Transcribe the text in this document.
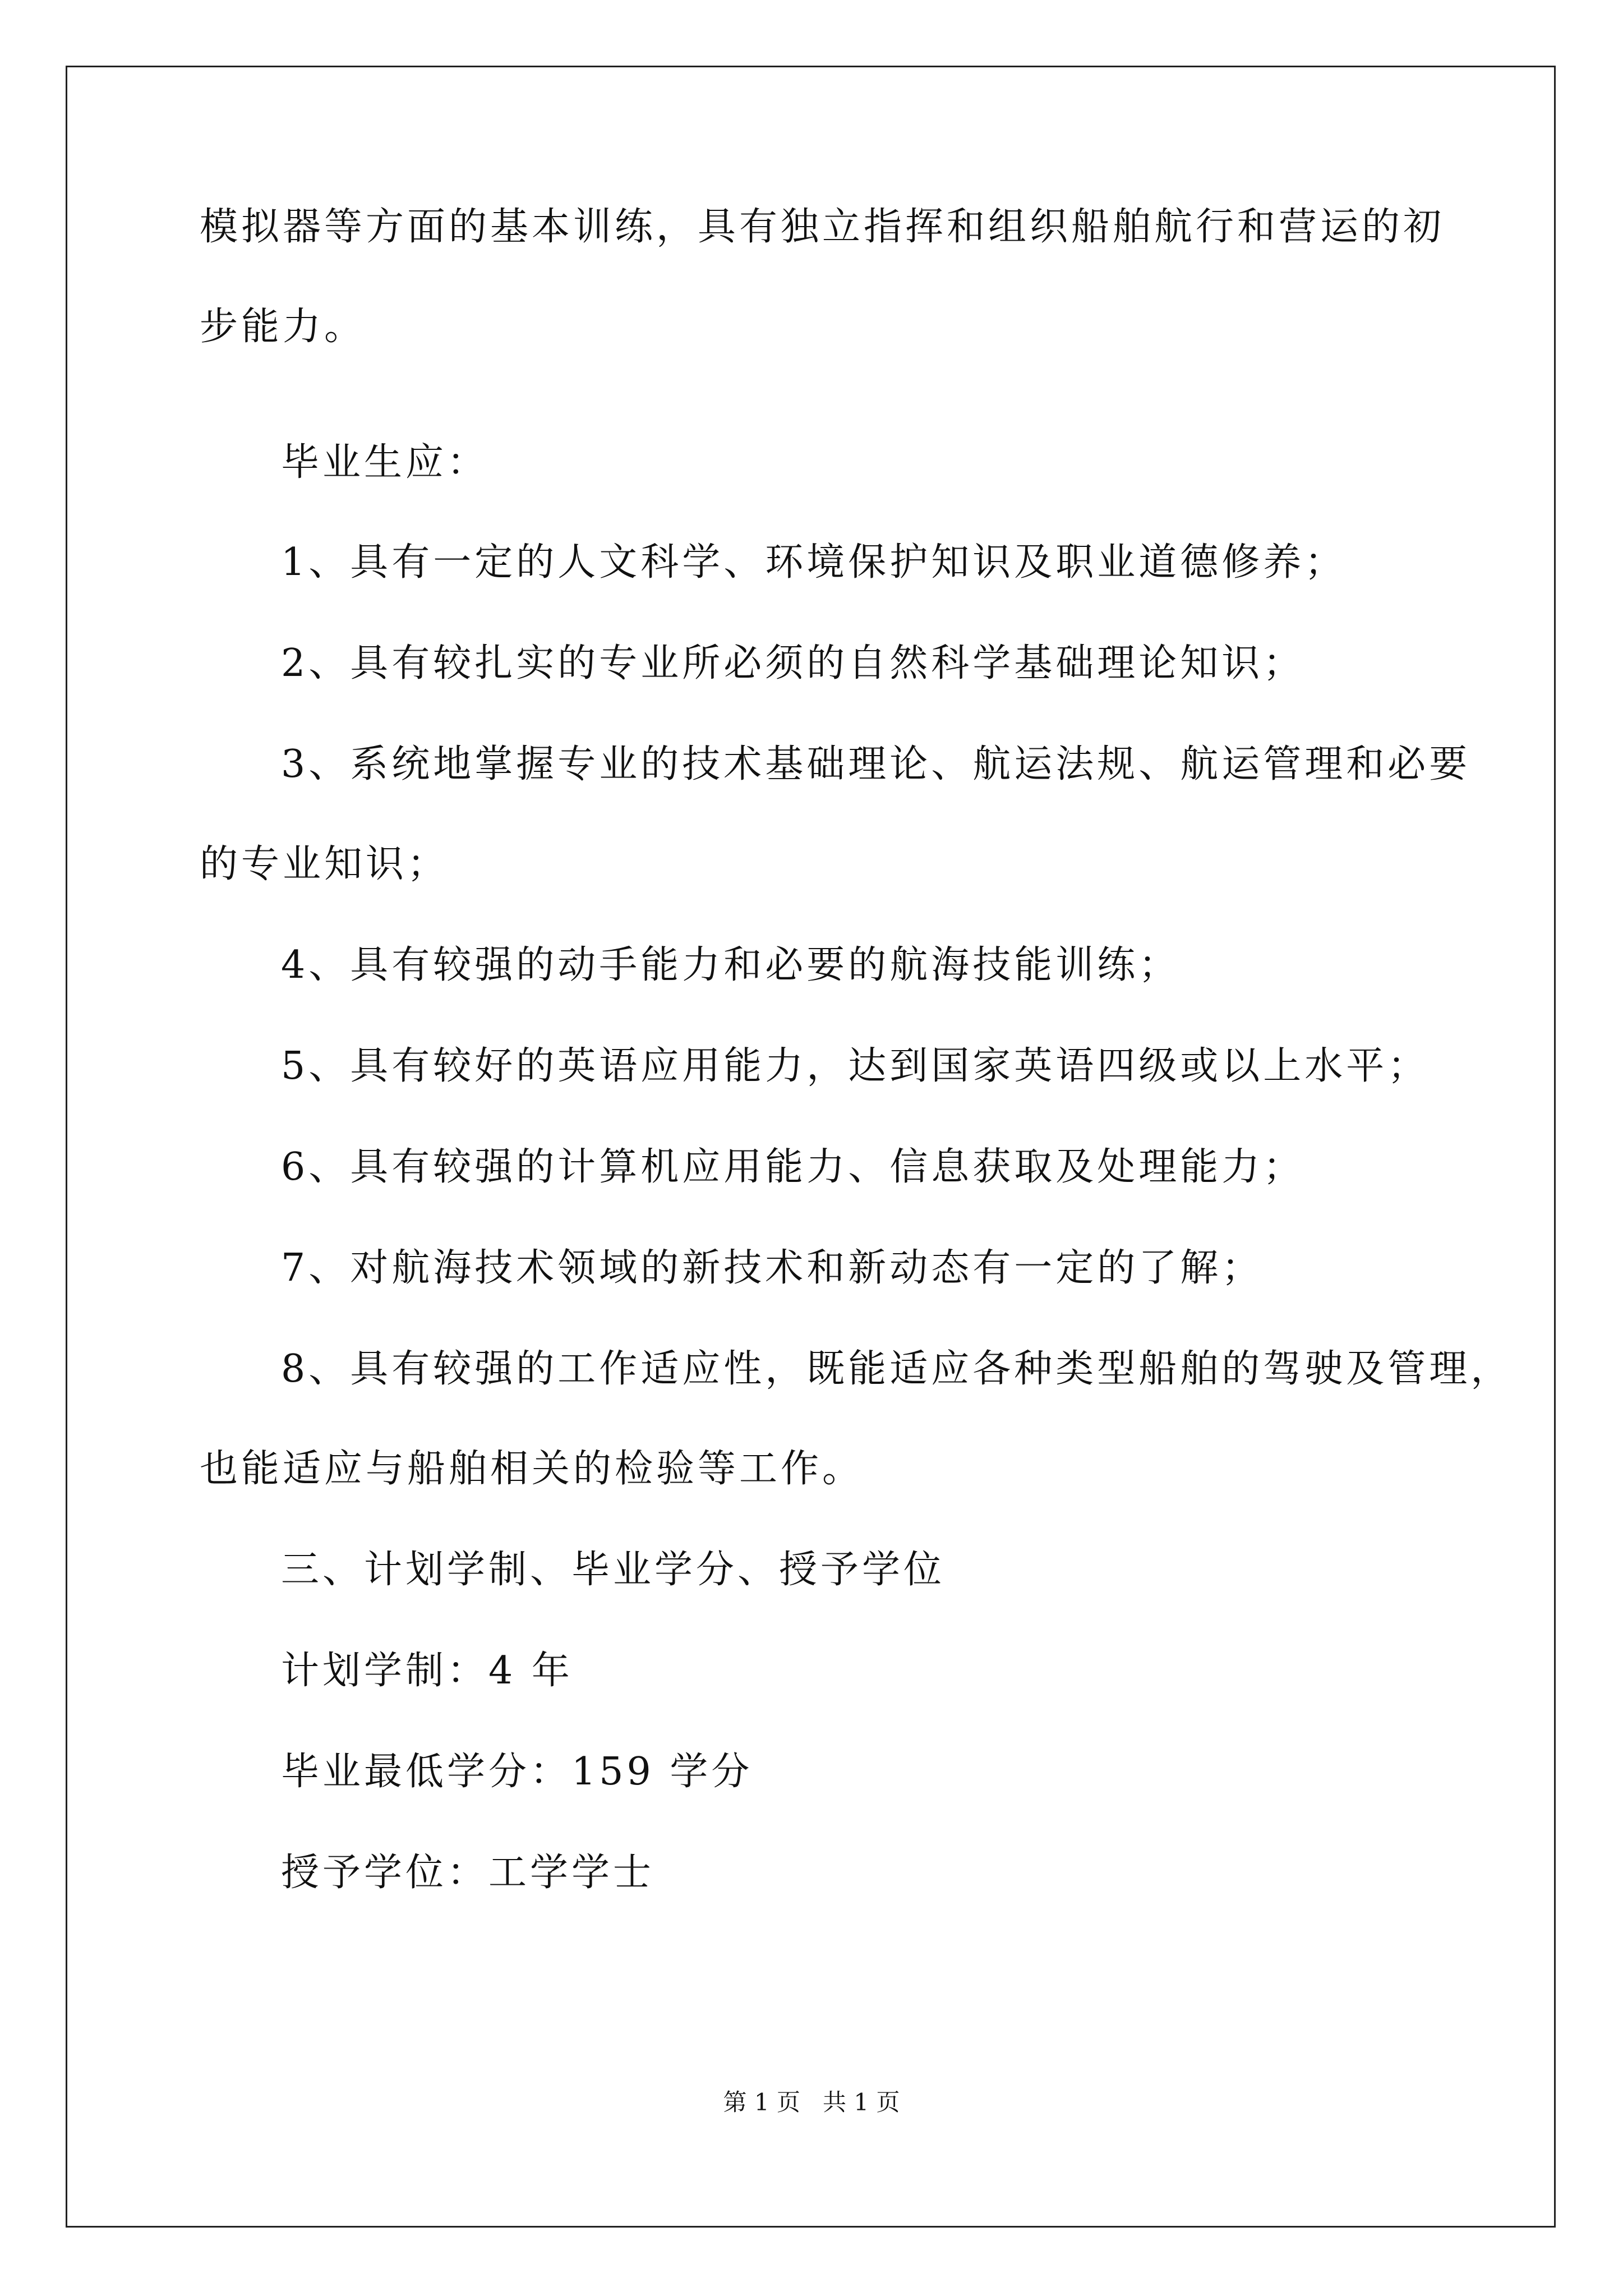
模拟器等方面的基本训练，具有独立指挥和组织船舶航行和营运的初
步能力。
毕业生应：
1、具有一定的人文科学、环境保护知识及职业道德修养；
2、具有较扎实的专业所必须的自然科学基础理论知识；
3、系统地掌握专业的技术基础理论、航运法规、航运管理和必要
的专业知识；
4、具有较强的动手能力和必要的航海技能训练；
5、具有较好的英语应用能力，达到国家英语四级或以上水平；
6、具有较强的计算机应用能力、信息获取及处理能力；
7、对航海技术领域的新技术和新动态有一定的了解；
8、具有较强的工作适应性，既能适应各种类型船舶的驾驶及管理，
也能适应与船舶相关的检验等工作。
三、计划学制、毕业学分、授予学位
计划学制：4 年
毕业最低学分：159 学分
授予学位：工学学士
第 1 页   共 1 页
